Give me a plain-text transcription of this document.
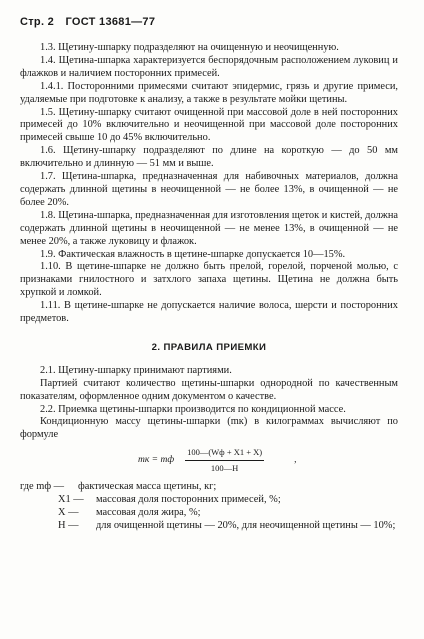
Стр. 2 ГОСТ 13681—77

1.3. Щетину-шпарку подразделяют на очищенную и неочищенную.

1.4. Щетина-шпарка характеризуется беспорядочным расположением луковиц и флажков и наличием посторонних примесей.

1.4.1. Посторонними примесями считают эпидермис, грязь и другие примеси, удаляемые при подготовке к анализу, а также в результате мойки щетины.

1.5. Щетину-шпарку считают очищенной при массовой доле в ней посторонних примесей до 10% включительно и неочищенной при массовой доле посторонних примесей свыше 10 до 45% включительно.

1.6. Щетину-шпарку подразделяют по длине на короткую — до 50 мм включительно и длинную — 51 мм и выше.

1.7. Щетина-шпарка, предназначенная для набивочных материалов, должна содержать длинной щетины в неочищенной — не более 13%, в очищенной — не более 20%.

1.8. Щетина-шпарка, предназначенная для изготовления щеток и кистей, должна содержать длинной щетины в неочищенной — не менее 13%, в очищенной — не менее 20%, а также луковицу и флажок.

1.9. Фактическая влажность в щетине-шпарке допускается 10—15%.

1.10. В щетине-шпарке не должно быть прелой, горелой, порченой молью, с признаками гнилостного и затхлого запаха щетины. Щетина не должна быть хрупкой и ломкой.

1.11. В щетине-шпарке не допускается наличие волоса, шерсти и посторонних предметов.

2. ПРАВИЛА ПРИЕМКИ

2.1. Щетину-шпарку принимают партиями.

Партией считают количество щетины-шпарки однородной по качественным показателям, оформленное одним документом о качестве.

2.2. Приемка щетины-шпарки производится по кондиционной массе.

Кондиционную массу щетины-шпарки (mк) в килограммах вычисляют по формуле

mк = mф $\frac{100—(Wф + X1 + X)}{100—H}$	,
где mф —	фактическая масса щетины, кг;
X1 —	массовая доля посторонних примесей, %;
X —	массовая доля жира, %;
H —	для очищенной щетины — 20%, для неочищенной щетины — 10%;
